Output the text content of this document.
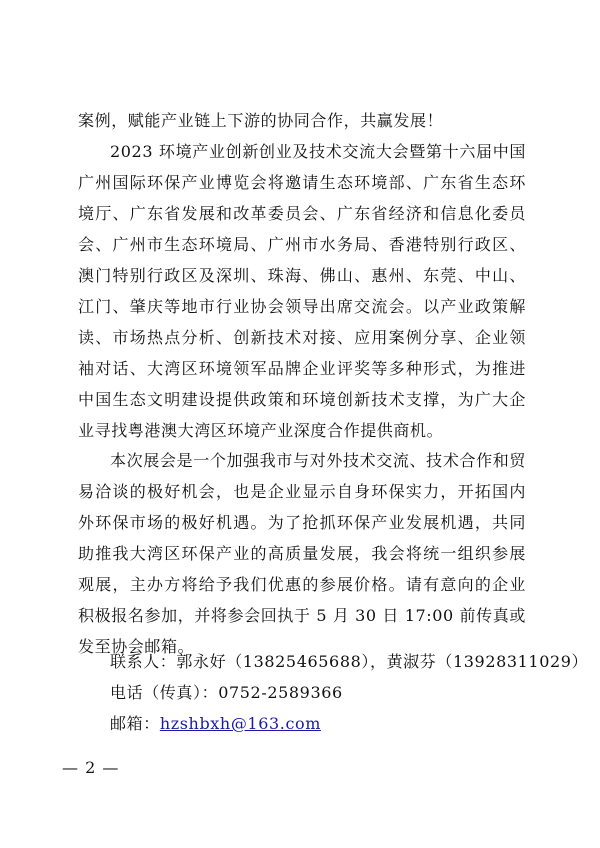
案例，赋能产业链上下游的协同合作，共赢发展！

2023 环境产业创新创业及技术交流大会暨第十六届中国广州国际环保产业博览会将邀请生态环境部、广东省生态环境厅、广东省发展和改革委员会、广东省经济和信息化委员会、广州市生态环境局、广州市水务局、香港特别行政区、澳门特别行政区及深圳、珠海、佛山、惠州、东莞、中山、江门、肇庆等地市行业协会领导出席交流会。以产业政策解读、市场热点分析、创新技术对接、应用案例分享、企业领袖对话、大湾区环境领军品牌企业评奖等多种形式，为推进中国生态文明建设提供政策和环境创新技术支撑，为广大企业寻找粤港澳大湾区环境产业深度合作提供商机。

本次展会是一个加强我市与对外技术交流、技术合作和贸易洽谈的极好机会，也是企业显示自身环保实力，开拓国内外环保市场的极好机遇。为了抢抓环保产业发展机遇，共同助推我大湾区环保产业的高质量发展，我会将统一组织参展观展，主办方将给予我们优惠的参展价格。请有意向的企业积极报名参加，并将参会回执于 5 月 30 日 17:00 前传真或发至协会邮箱。

联系人：郭永好（13825465688），黄淑芬（13928311029）
电话（传真）：0752-2589366
邮箱：hzshbxh@163.com
— 2 —
